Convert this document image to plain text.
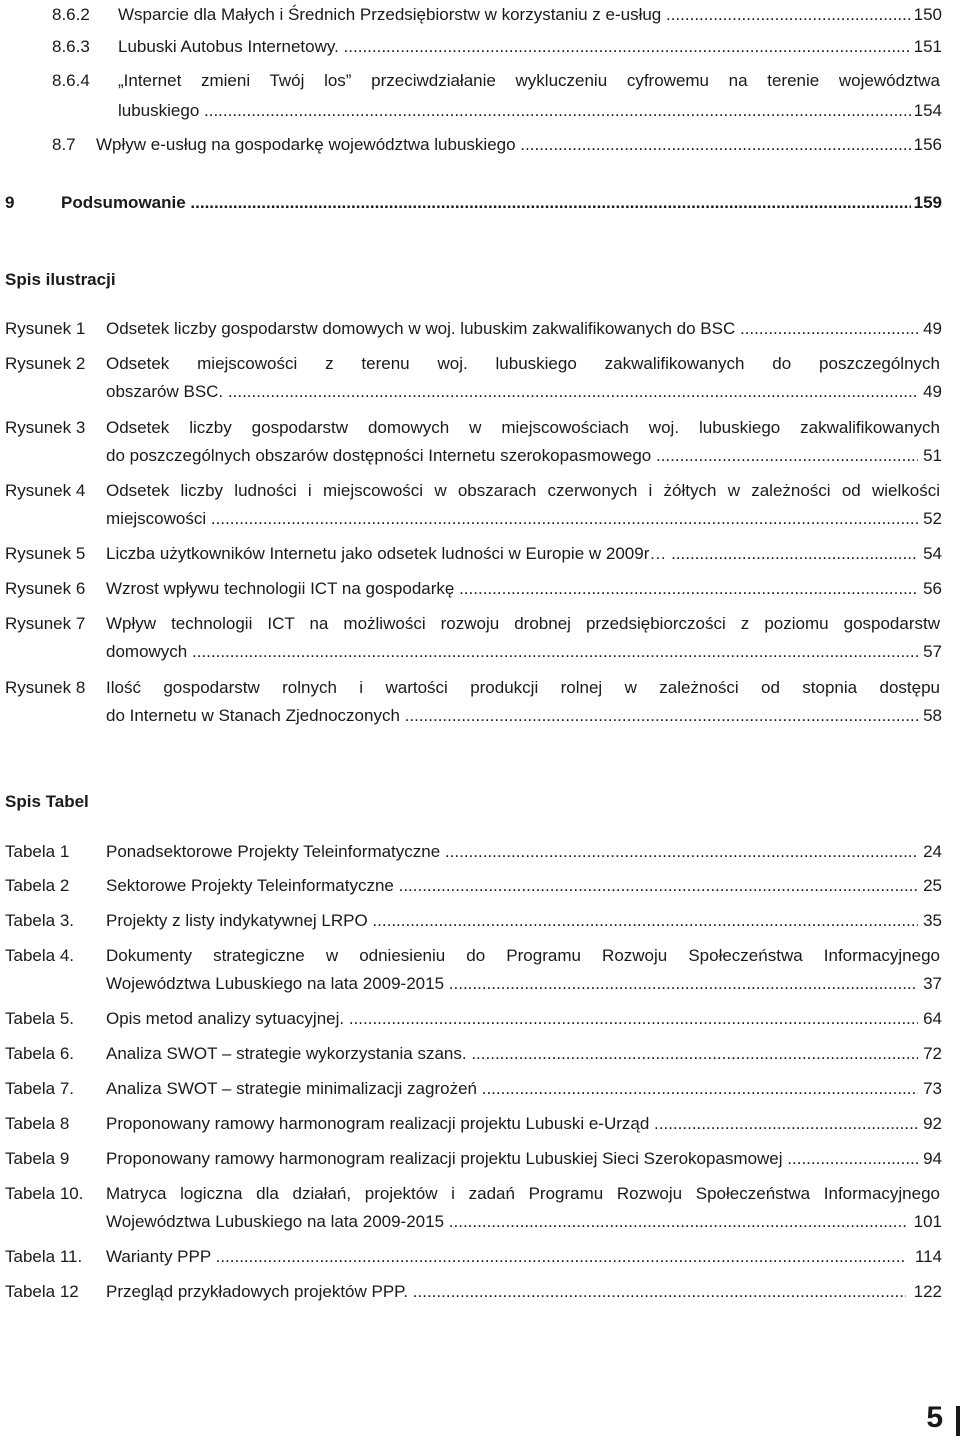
8.6.2	Wsparcie dla Małych i Średnich Przedsiębiorstw w korzystaniu z e-usług .....	150
8.6.3	Lubuski Autobus Internetowy. .....	151
8.6.4	„Internet zmieni Twój los” przeciwdziałanie wykluczeniu cyfrowemu na terenie województwa
lubuskiego .....	154
8.7	Wpływ e-usług na gospodarkę województwa lubuskiego .....	156
9	Podsumowanie .....	159
Spis ilustracji
Rysunek 1 Odsetek liczby gospodarstw domowych w woj. lubuskim zakwalifikowanych do BSC .....	49
Rysunek 2 Odsetek miejscowości z terenu woj. lubuskiego zakwalifikowanych do poszczególnych
obszarów BSC. .....	49
Rysunek 3 Odsetek liczby gospodarstw domowych w miejscowościach woj. lubuskiego zakwalifikowanych
do poszczególnych obszarów dostępności Internetu szerokopasmowego .....	51
Rysunek 4 Odsetek liczby ludności i miejscowości w obszarach czerwonych i żółtych w zależności od wielkości
miejscowości .....	52
Rysunek 5 Liczba użytkowników Internetu jako odsetek ludności w Europie w 2009r… .....	54
Rysunek 6 Wzrost wpływu technologii ICT na gospodarkę .....	56
Rysunek 7 Wpływ technologii ICT na możliwości rozwoju drobnej przedsiębiorczości z poziomu gospodarstw
domowych .....	57
Rysunek 8 Ilość gospodarstw rolnych i wartości produkcji rolnej w zależności od stopnia dostępu
do Internetu w Stanach Zjednoczonych .....	58
Spis Tabel
Tabela 1 Ponadsektorowe Projekty Teleinformatyczne .....	24
Tabela 2 Sektorowe Projekty Teleinformatyczne .....	25
Tabela 3. Projekty z listy indykatywnej LRPO .....	35
Tabela 4. Dokumenty strategiczne w odniesieniu do Programu Rozwoju Społeczeństwa Informacyjnego
Województwa Lubuskiego na lata 2009-2015 .....	37
Tabela 5. Opis metod analizy sytuacyjnej. .....	64
Tabela 6. Analiza SWOT – strategie wykorzystania szans. .....	72
Tabela 7. Analiza SWOT – strategie minimalizacji zagrożeń .....	73
Tabela 8 Proponowany ramowy harmonogram realizacji projektu Lubuski e-Urząd .....	92
Tabela 9 Proponowany ramowy harmonogram realizacji projektu Lubuskiej Sieci Szerokopasmowej .....	94
Tabela 10. Matryca logiczna dla działań, projektów i zadań Programu Rozwoju Społeczeństwa Informacyjnego
Województwa Lubuskiego na lata 2009-2015 .....	101
Tabela 11. Warianty PPP .....	114
Tabela 12 Przegląd przykładowych projektów PPP. .....	122
5
